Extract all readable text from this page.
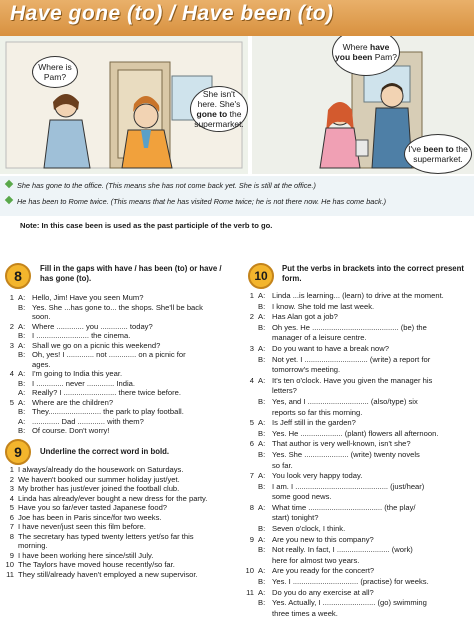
Have gone (to) / Have been (to)
Where is Pam?
She isn't here. She's gone to the supermarket.
Where have you been Pam?
I've been to the supermarket.
She has gone to the office. (This means she has not come back yet. She is still at the office.)
He has been to Rome twice. (This means that he has visited Rome twice; he is not there now. He has come back.)
Note: In this case been is used as the past participle of the verb to go.
8	Fill in the gaps with have / has been (to) or have / has gone (to).
1 A: Hello, Jim! Have you seen Mum?
B: Yes. She ...has gone to... the shops. She'll be back
soon.
2 A: Where ............. you ............. today?
B: I ......................... the cinema.
3 A: Shall we go on a picnic this weekend?
B: Oh, yes! I ............. not ............. on a picnic for
ages.
4 A: I'm going to India this year.
B: I ............. never ............. India.
A: Really? I ......................... there twice before.
5 A: Where are the children?
B: They......................... the park to play football.
A: ............. Dad ............. with them?
B: Of course. Don't worry!
9	Underline the correct word in bold.
1 I always/already do the housework on Saturdays.
2 We haven't booked our summer holiday just/yet.
3 My brother has just/ever joined the football club.
4 Linda has already/ever bought a new dress for the party.
5 Have you so far/ever tasted Japanese food?
6 Joe has been in Paris since/for two weeks.
7 I have never/just seen this film before.
8 The secretary has typed twenty letters yet/so far this
morning.
9 I have been working here since/still July.
10 The Taylors have moved house recently/so far.
11 They still/already haven't employed a new supervisor.
10
Put the verbs in brackets into the correct present form.
1 A: Linda ...is learning... (learn) to drive at the moment.
B: I know. She told me last week.
2 A: Has Alan got a job?
B: Oh yes. He ......................................... (be) the
manager of a leisure centre.
3 A: Do you want to have a break now?
B: Not yet. I .............................. (write) a report for
tomorrow's meeting.
4 A: It's ten o'clock. Have you given the manager his
letters?
B: Yes, and I ............................. (also/type) six
reports so far this morning.
5 A: Is Jeff still in the garden?
B: Yes. He .................... (plant) flowers all afternoon.
6 A: That author is very well-known, isn't she?
B: Yes. She ..................... (write) twenty novels
so far.
7 A: You look very happy today.
B: I am. I ............................................ (just/hear)
some good news.
8 A: What time ................................... (the play/
start) tonight?
B: Seven o'clock, I think.
9 A: Are you new to this company?
B: Not really. In fact, I ......................... (work)
here for almost two years.
10 A: Are you ready for the concert?
B: Yes. I ............................... (practise) for weeks.
11 A: Do you do any exercise at all?
B: Yes. Actually, I ......................... (go) swimming
three times a week.
